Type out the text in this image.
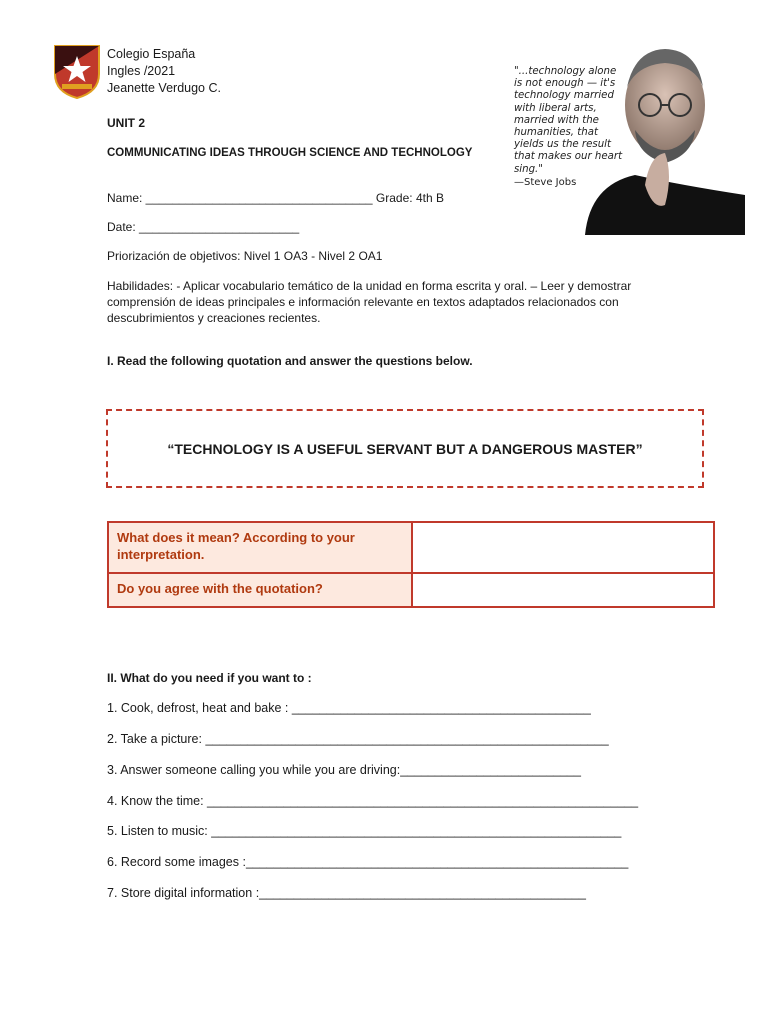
Colegio España
Ingles /2021
Jeanette Verdugo C.
"...technology alone is not enough — it's technology married with liberal arts, married with the humanities, that yields us the result that makes our heart sing."
—Steve Jobs
UNIT 2
COMMUNICATING IDEAS THROUGH SCIENCE AND TECHNOLOGY
Name: __________________________________ Grade: 4th B
Date: ________________________
Priorización de objetivos: Nivel 1 OA3 - Nivel 2 OA1
Habilidades: - Aplicar vocabulario temático de la unidad en forma escrita y oral. – Leer y demostrar comprensión de ideas principales e información relevante en textos adaptados relacionados con descubrimientos y creaciones recientes.
I. Read the following quotation and answer the questions below.
“TECHNOLOGY IS A USEFUL SERVANT BUT A DANGEROUS MASTER”
What does it mean? According to your interpretation.	
Do you agree with the quotation?	
II. What do you need if you want to :
1. Cook, defrost, heat and bake : ___________________________________________
2. Take a picture: __________________________________________________________
3. Answer someone calling you while you are driving:__________________________
4. Know the time: ______________________________________________________________
5. Listen to music: ___________________________________________________________
6. Record some images :_______________________________________________________
7. Store digital information :_______________________________________________
